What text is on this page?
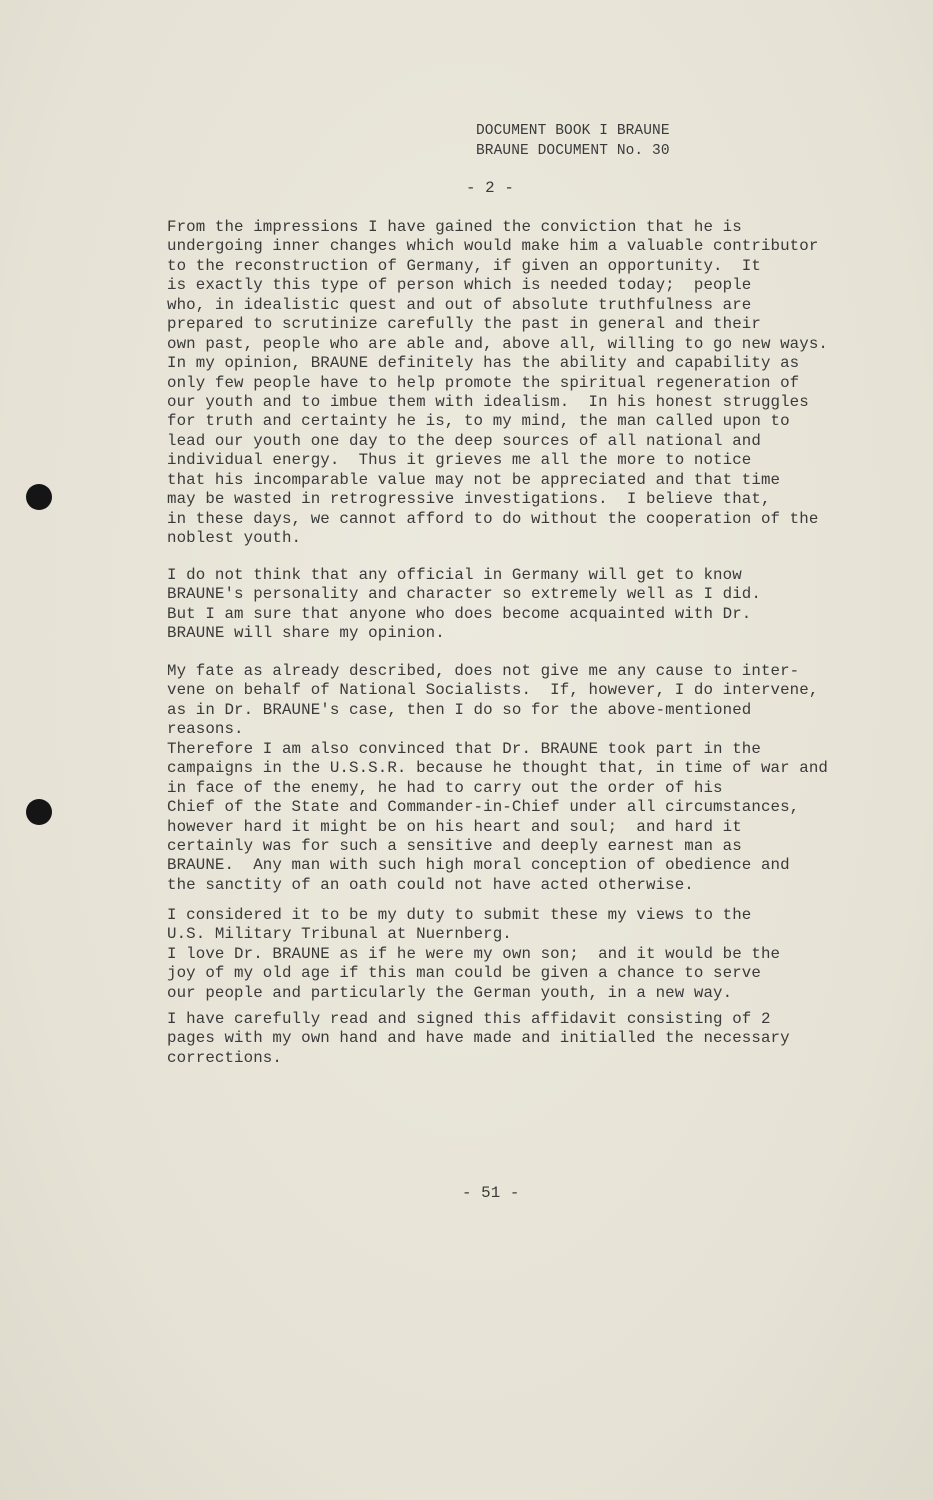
DOCUMENT BOOK I BRAUNE
BRAUNE DOCUMENT No. 30
- 2 -
From the impressions I have gained the conviction that he is
undergoing inner changes which would make him a valuable contributor
to the reconstruction of Germany, if given an opportunity.  It
is exactly this type of person which is needed today;  people
who, in idealistic quest and out of absolute truthfulness are
prepared to scrutinize carefully the past in general and their
own past, people who are able and, above all, willing to go new ways.
In my opinion, BRAUNE definitely has the ability and capability as
only few people have to help promote the spiritual regeneration of
our youth and to imbue them with idealism.  In his honest struggles
for truth and certainty he is, to my mind, the man called upon to
lead our youth one day to the deep sources of all national and
individual energy.  Thus it grieves me all the more to notice
that his incomparable value may not be appreciated and that time
may be wasted in retrogressive investigations.  I believe that,
in these days, we cannot afford to do without the cooperation of the
noblest youth.
I do not think that any official in Germany will get to know
BRAUNE's personality and character so extremely well as I did.
But I am sure that anyone who does become acquainted with Dr.
BRAUNE will share my opinion.
My fate as already described, does not give me any cause to inter-
vene on behalf of National Socialists.  If, however, I do intervene,
as in Dr. BRAUNE's case, then I do so for the above-mentioned
reasons.
Therefore I am also convinced that Dr. BRAUNE took part in the
campaigns in the U.S.S.R. because he thought that, in time of war and
in face of the enemy, he had to carry out the order of his
Chief of the State and Commander-in-Chief under all circumstances,
however hard it might be on his heart and soul;  and hard it
certainly was for such a sensitive and deeply earnest man as
BRAUNE.  Any man with such high moral conception of obedience and
the sanctity of an oath could not have acted otherwise.
I considered it to be my duty to submit these my views to the
U.S. Military Tribunal at Nuernberg.
I love Dr. BRAUNE as if he were my own son;  and it would be the
joy of my old age if this man could be given a chance to serve
our people and particularly the German youth, in a new way.
I have carefully read and signed this affidavit consisting of 2
pages with my own hand and have made and initialled the necessary
corrections.
- 51 -
